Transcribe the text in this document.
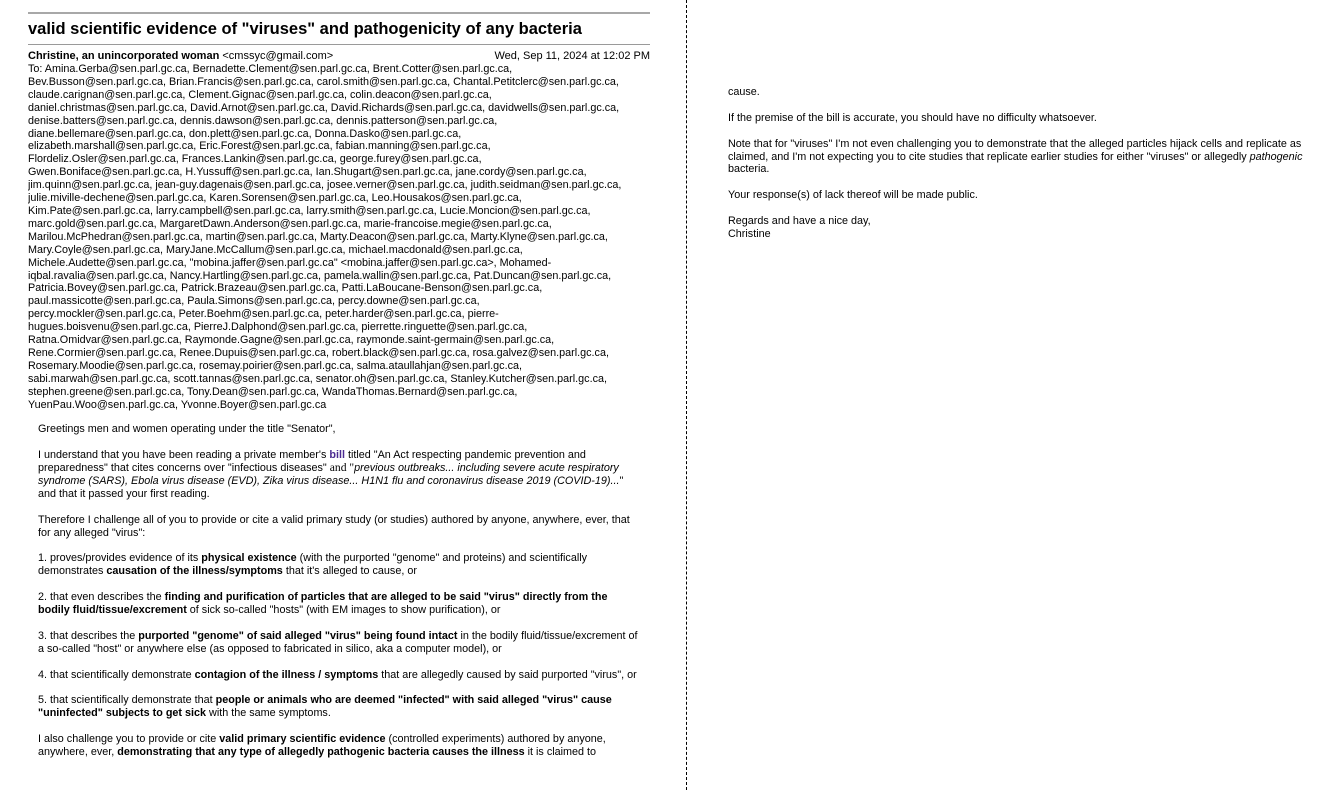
valid scientific evidence of "viruses" and pathogenicity of any bacteria
Christine, an unincorporated woman <cmssyc@gmail.com>	Wed, Sep 11, 2024 at 12:02 PM
To: Amina.Gerba@sen.parl.gc.ca, Bernadette.Clement@sen.parl.gc.ca, Brent.Cotter@sen.parl.gc.ca,
Bev.Busson@sen.parl.gc.ca, Brian.Francis@sen.parl.gc.ca, carol.smith@sen.parl.gc.ca, Chantal.Petitclerc@sen.parl.gc.ca,
claude.carignan@sen.parl.gc.ca, Clement.Gignac@sen.parl.gc.ca, colin.deacon@sen.parl.gc.ca,
daniel.christmas@sen.parl.gc.ca, David.Arnot@sen.parl.gc.ca, David.Richards@sen.parl.gc.ca, davidwells@sen.parl.gc.ca,
denise.batters@sen.parl.gc.ca, dennis.dawson@sen.parl.gc.ca, dennis.patterson@sen.parl.gc.ca,
diane.bellemare@sen.parl.gc.ca, don.plett@sen.parl.gc.ca, Donna.Dasko@sen.parl.gc.ca,
elizabeth.marshall@sen.parl.gc.ca, Eric.Forest@sen.parl.gc.ca, fabian.manning@sen.parl.gc.ca,
Flordeliz.Osler@sen.parl.gc.ca, Frances.Lankin@sen.parl.gc.ca, george.furey@sen.parl.gc.ca,
Gwen.Boniface@sen.parl.gc.ca, H.Yussuff@sen.parl.gc.ca, Ian.Shugart@sen.parl.gc.ca, jane.cordy@sen.parl.gc.ca,
jim.quinn@sen.parl.gc.ca, jean-guy.dagenais@sen.parl.gc.ca, josee.verner@sen.parl.gc.ca, judith.seidman@sen.parl.gc.ca,
julie.miville-dechene@sen.parl.gc.ca, Karen.Sorensen@sen.parl.gc.ca, Leo.Housakos@sen.parl.gc.ca,
Kim.Pate@sen.parl.gc.ca, larry.campbell@sen.parl.gc.ca, larry.smith@sen.parl.gc.ca, Lucie.Moncion@sen.parl.gc.ca,
marc.gold@sen.parl.gc.ca, MargaretDawn.Anderson@sen.parl.gc.ca, marie-francoise.megie@sen.parl.gc.ca,
Marilou.McPhedran@sen.parl.gc.ca, martin@sen.parl.gc.ca, Marty.Deacon@sen.parl.gc.ca, Marty.Klyne@sen.parl.gc.ca,
Mary.Coyle@sen.parl.gc.ca, MaryJane.McCallum@sen.parl.gc.ca, michael.macdonald@sen.parl.gc.ca,
Michele.Audette@sen.parl.gc.ca, "mobina.jaffer@sen.parl.gc.ca" <mobina.jaffer@sen.parl.gc.ca>, Mohamed-
iqbal.ravalia@sen.parl.gc.ca, Nancy.Hartling@sen.parl.gc.ca, pamela.wallin@sen.parl.gc.ca, Pat.Duncan@sen.parl.gc.ca,
Patricia.Bovey@sen.parl.gc.ca, Patrick.Brazeau@sen.parl.gc.ca, Patti.LaBoucane-Benson@sen.parl.gc.ca,
paul.massicotte@sen.parl.gc.ca, Paula.Simons@sen.parl.gc.ca, percy.downe@sen.parl.gc.ca,
percy.mockler@sen.parl.gc.ca, Peter.Boehm@sen.parl.gc.ca, peter.harder@sen.parl.gc.ca, pierre-
hugues.boisvenu@sen.parl.gc.ca, PierreJ.Dalphond@sen.parl.gc.ca, pierrette.ringuette@sen.parl.gc.ca,
Ratna.Omidvar@sen.parl.gc.ca, Raymonde.Gagne@sen.parl.gc.ca, raymonde.saint-germain@sen.parl.gc.ca,
Rene.Cormier@sen.parl.gc.ca, Renee.Dupuis@sen.parl.gc.ca, robert.black@sen.parl.gc.ca, rosa.galvez@sen.parl.gc.ca,
Rosemary.Moodie@sen.parl.gc.ca, rosemay.poirier@sen.parl.gc.ca, salma.ataullahjan@sen.parl.gc.ca,
sabi.marwah@sen.parl.gc.ca, scott.tannas@sen.parl.gc.ca, senator.oh@sen.parl.gc.ca, Stanley.Kutcher@sen.parl.gc.ca,
stephen.greene@sen.parl.gc.ca, Tony.Dean@sen.parl.gc.ca, WandaThomas.Bernard@sen.parl.gc.ca,
YuenPau.Woo@sen.parl.gc.ca, Yvonne.Boyer@sen.parl.gc.ca

Greetings men and women operating under the title "Senator",

I understand that you have been reading a private member's bill titled "An Act respecting pandemic prevention and preparedness" that cites concerns over "infectious diseases" and "previous outbreaks... including severe acute respiratory syndrome (SARS), Ebola virus disease (EVD), Zika virus disease... H1N1 flu and coronavirus disease 2019 (COVID-19)..." and that it passed your first reading.

Therefore I challenge all of you to provide or cite a valid primary study (or studies) authored by anyone, anywhere, ever, that for any alleged "virus":

1. proves/provides evidence of its physical existence (with the purported "genome" and proteins) and scientifically demonstrates causation of the illness/symptoms that it's alleged to cause, or

2. that even describes the finding and purification of particles that are alleged to be said "virus" directly from the bodily fluid/tissue/excrement of sick so-called "hosts" (with EM images to show purification), or

3. that describes the purported "genome" of said alleged "virus" being found intact in the bodily fluid/tissue/excrement of a so-called "host" or anywhere else (as opposed to fabricated in silico, aka a computer model), or

4. that scientifically demonstrate contagion of the illness / symptoms that are allegedly caused by said purported "virus", or

5. that scientifically demonstrate that people or animals who are deemed "infected" with said alleged "virus" cause "uninfected" subjects to get sick with the same symptoms.

I also challenge you to provide or cite valid primary scientific evidence (controlled experiments) authored by anyone, anywhere, ever, demonstrating that any type of allegedly pathogenic bacteria causes the illness it is claimed to

cause.

If the premise of the bill is accurate, you should have no difficulty whatsoever.

Note that for "viruses" I'm not even challenging you to demonstrate that the alleged particles hijack cells and replicate as claimed, and I'm not expecting you to cite studies that replicate earlier studies for either "viruses" or allegedly pathogenic bacteria.

Your response(s) of lack thereof will be made public.

Regards and have a nice day,
Christine
